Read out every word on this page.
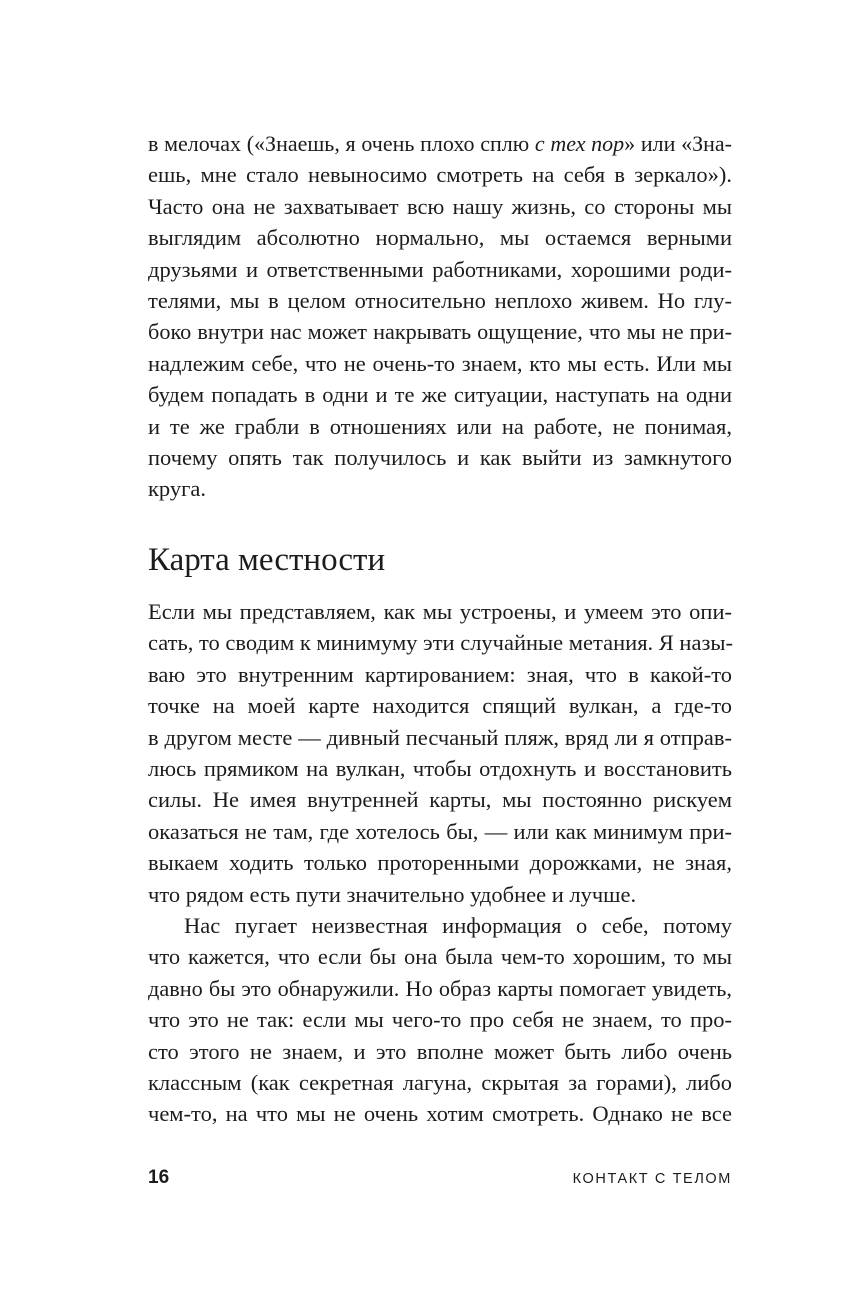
в мелочах («Знаешь, я очень плохо сплю с тех пор» или «Зна-
ешь, мне стало невыносимо смотреть на себя в зеркало»).
Часто она не захватывает всю нашу жизнь, со стороны мы
выглядим абсолютно нормально, мы остаемся верными
друзьями и ответственными работниками, хорошими роди-
телями, мы в целом относительно неплохо живем. Но глу-
боко внутри нас может накрывать ощущение, что мы не при-
надлежим себе, что не очень-то знаем, кто мы есть. Или мы
будем попадать в одни и те же ситуации, наступать на одни
и те же грабли в отношениях или на работе, не понимая,
почему опять так получилось и как выйти из замкнутого
круга.
Карта местности
Если мы представляем, как мы устроены, и умеем это опи-
сать, то сводим к минимуму эти случайные метания. Я назы-
ваю это внутренним картированием: зная, что в какой-то
точке на моей карте находится спящий вулкан, а где-то
в другом месте — дивный песчаный пляж, вряд ли я отправ-
люсь прямиком на вулкан, чтобы отдохнуть и восстановить
силы. Не имея внутренней карты, мы постоянно рискуем
оказаться не там, где хотелось бы, — или как минимум при-
выкаем ходить только проторенными дорожками, не зная,
что рядом есть пути значительно удобнее и лучше.
Нас пугает неизвестная информация о себе, потому
что кажется, что если бы она была чем-то хорошим, то мы
давно бы это обнаружили. Но образ карты помогает увидеть,
что это не так: если мы чего-то про себя не знаем, то про-
сто этого не знаем, и это вполне может быть либо очень
классным (как секретная лагуна, скрытая за горами), либо
чем-то, на что мы не очень хотим смотреть. Однако не все
16	КОНТАКТ С ТЕЛОМ
